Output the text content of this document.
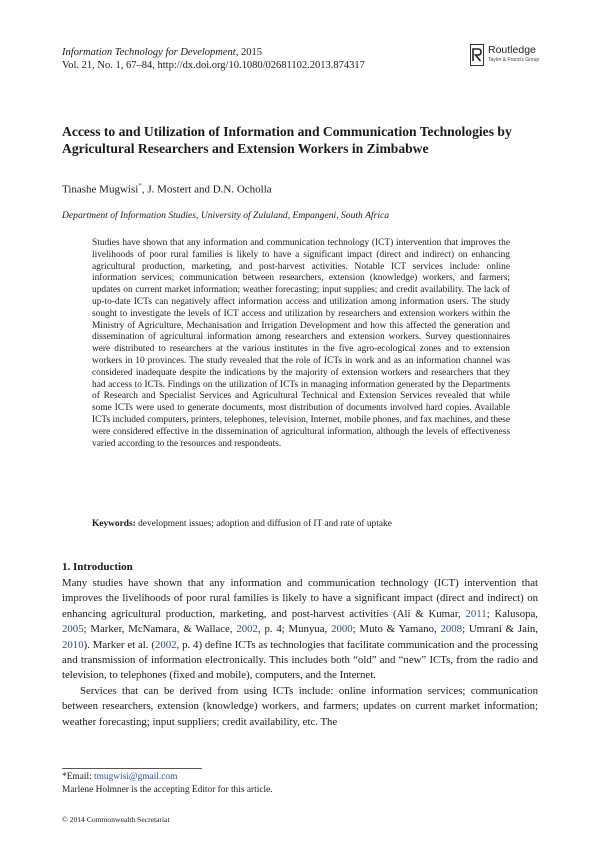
Information Technology for Development, 2015
Vol. 21, No. 1, 67–84, http://dx.doi.org/10.1080/02681102.2013.874317
Routledge
Taylor & Francis Group
Access to and Utilization of Information and Communication Technologies by Agricultural Researchers and Extension Workers in Zimbabwe
Tinashe Mugwisi*, J. Mostert and D.N. Ocholla
Department of Information Studies, University of Zululand, Empangeni, South Africa
Studies have shown that any information and communication technology (ICT) intervention that improves the livelihoods of poor rural families is likely to have a significant impact (direct and indirect) on enhancing agricultural production, marketing, and post-harvest activities. Notable ICT services include: online information services; communication between researchers, extension (knowledge) workers, and farmers; updates on current market information; weather forecasting; input supplies; and credit availability. The lack of up-to-date ICTs can negatively affect information access and utilization among information users. The study sought to investigate the levels of ICT access and utilization by researchers and extension workers within the Ministry of Agriculture, Mechanisation and Irrigation Development and how this affected the generation and dissemination of agricultural information among researchers and extension workers. Survey questionnaires were distributed to researchers at the various institutes in the five agro-ecological zones and to extension workers in 10 provinces. The study revealed that the role of ICTs in work and as an information channel was considered inadequate despite the indications by the majority of extension workers and researchers that they had access to ICTs. Findings on the utilization of ICTs in managing information generated by the Departments of Research and Specialist Services and Agricultural Technical and Extension Services revealed that while some ICTs were used to generate documents, most distribution of documents involved hard copies. Available ICTs included computers, printers, telephones, television, Internet, mobile phones, and fax machines, and these were considered effective in the dissemination of agricultural information, although the levels of effectiveness varied according to the resources and respondents.
Keywords: development issues; adoption and diffusion of IT and rate of uptake
1. Introduction

Many studies have shown that any information and communication technology (ICT) intervention that improves the livelihoods of poor rural families is likely to have a significant impact (direct and indirect) on enhancing agricultural production, marketing, and post-harvest activities (Ali & Kumar, 2011; Kalusopa, 2005; Marker, McNamara, & Wallace, 2002, p. 4; Munyua, 2000; Muto & Yamano, 2008; Umrani & Jain, 2010). Marker et al. (2002, p. 4) define ICTs as technologies that facilitate communication and the processing and transmission of information electronically. This includes both “old” and “new” ICTs, from the radio and television, to telephones (fixed and mobile), computers, and the Internet.

Services that can be derived from using ICTs include: online information services; communication between researchers, extension (knowledge) workers, and farmers; updates on current market information; weather forecasting; input suppliers; credit availability, etc. The

*Email: tmugwisi@gmail.com
Marlene Holmner is the accepting Editor for this article.
© 2014 Commonwealth Secretariat
